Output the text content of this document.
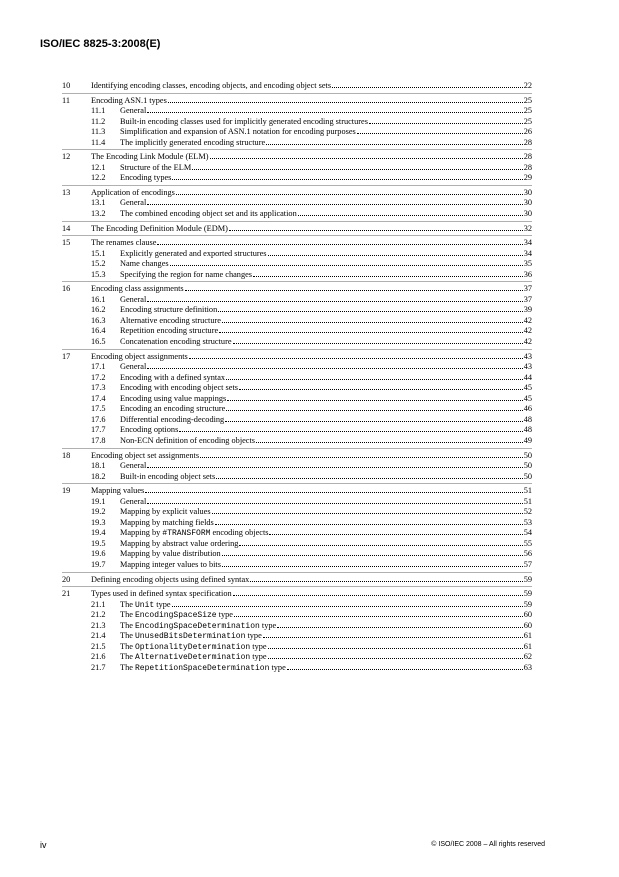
ISO/IEC 8825-3:2008(E)
10	Identifying encoding classes, encoding objects, and encoding object sets	22
11	Encoding ASN.1 types	25
11.1	General	25
11.2	Built-in encoding classes used for implicitly generated encoding structures	25
11.3	Simplification and expansion of ASN.1 notation for encoding purposes	26
11.4	The implicitly generated encoding structure	28
12	The Encoding Link Module (ELM)	28
12.1	Structure of the ELM	28
12.2	Encoding types	29
13	Application of encodings	30
13.1	General	30
13.2	The combined encoding object set and its application	30
14	The Encoding Definition Module (EDM)	32
15	The renames clause	34
15.1	Explicitly generated and exported structures	34
15.2	Name changes	35
15.3	Specifying the region for name changes	36
16	Encoding class assignments	37
16.1	General	37
16.2	Encoding structure definition	39
16.3	Alternative encoding structure	42
16.4	Repetition encoding structure	42
16.5	Concatenation encoding structure	42
17	Encoding object assignments	43
17.1	General	43
17.2	Encoding with a defined syntax	44
17.3	Encoding with encoding object sets	45
17.4	Encoding using value mappings	45
17.5	Encoding an encoding structure	46
17.6	Differential encoding-decoding	48
17.7	Encoding options	48
17.8	Non-ECN definition of encoding objects	49
18	Encoding object set assignments	50
18.1	General	50
18.2	Built-in encoding object sets	50
19	Mapping values	51
19.1	General	51
19.2	Mapping by explicit values	52
19.3	Mapping by matching fields	53
19.4	Mapping by #TRANSFORM encoding objects	54
19.5	Mapping by abstract value ordering	55
19.6	Mapping by value distribution	56
19.7	Mapping integer values to bits	57
20	Defining encoding objects using defined syntax	59
21	Types used in defined syntax specification	59
21.1	The Unit type	59
21.2	The EncodingSpaceSize type	60
21.3	The EncodingSpaceDetermination type	60
21.4	The UnusedBitsDetermination type	61
21.5	The OptionalityDetermination type	61
21.6	The AlternativeDetermination type	62
21.7	The RepetitionSpaceDetermination type	63
iv	© ISO/IEC 2008 – All rights reserved
